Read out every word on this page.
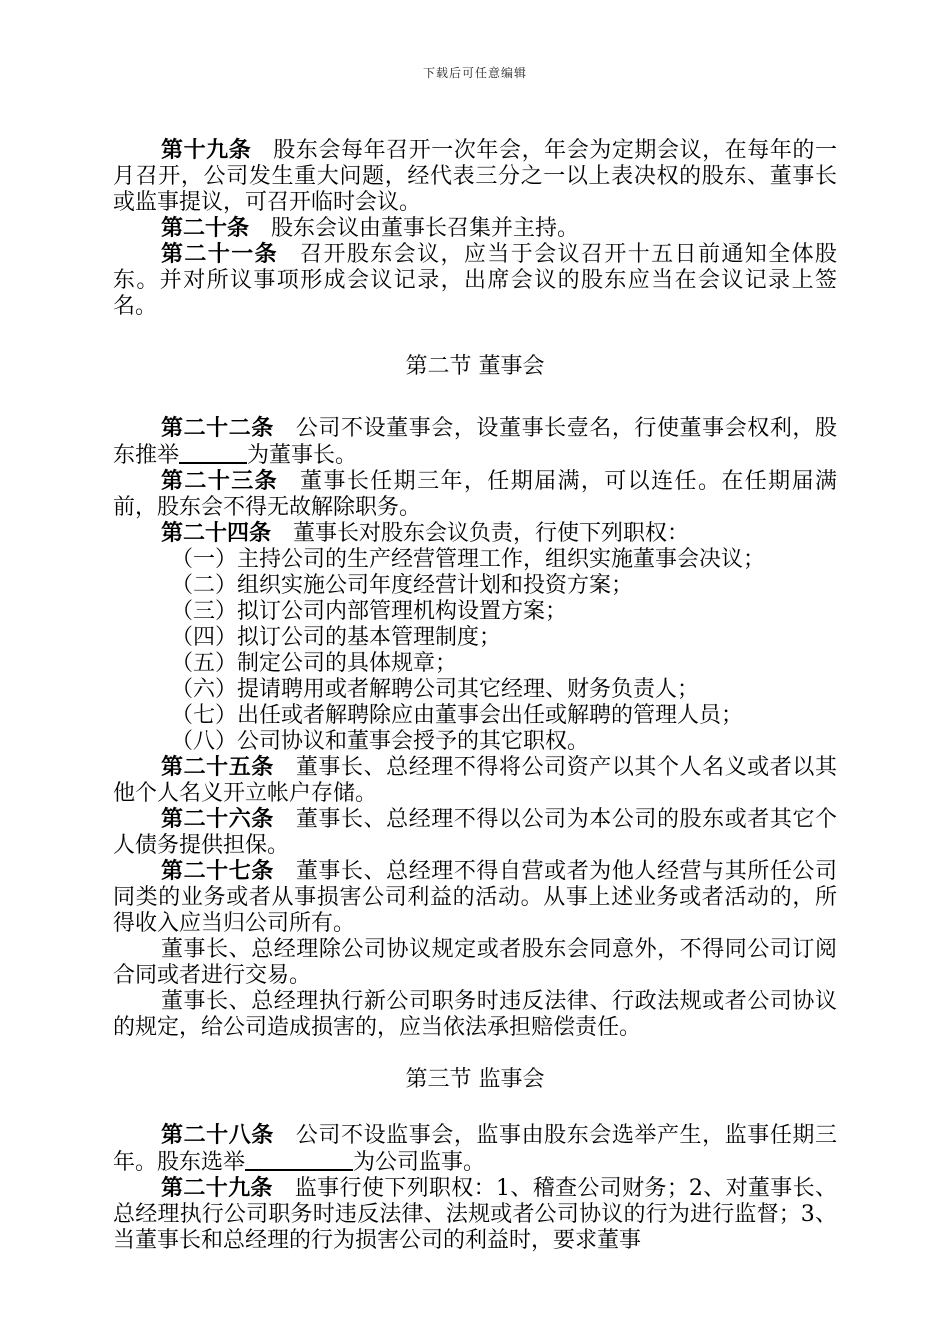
下载后可任意编辑

第十九条 股东会每年召开一次年会，年会为定期会议，在每年的一月召开，公司发生重大问题，经代表三分之一以上表决权的股东、董事长或监事提议，可召开临时会议。

第二十条 股东会议由董事长召集并主持。

第二十一条 召开股东会议，应当于会议召开十五日前通知全体股东。并对所议事项形成会议记录，出席会议的股东应当在会议记录上签名。

第二节 董事会

第二十二条 公司不设董事会，设董事长壹名，行使董事会权利，股东推举	为董事长。

第二十三条 董事长任期三年，任期届满，可以连任。在任期届满前，股东会不得无故解除职务。

第二十四条 董事长对股东会议负责，行使下列职权：

（一）主持公司的生产经营管理工作，组织实施董事会决议；

（二）组织实施公司年度经营计划和投资方案；

（三）拟订公司内部管理机构设置方案；

（四）拟订公司的基本管理制度；

（五）制定公司的具体规章；

（六）提请聘用或者解聘公司其它经理、财务负责人；

（七）出任或者解聘除应由董事会出任或解聘的管理人员；

（八）公司协议和董事会授予的其它职权。

第二十五条 董事长、总经理不得将公司资产以其个人名义或者以其他个人名义开立帐户存储。

第二十六条 董事长、总经理不得以公司为本公司的股东或者其它个人债务提供担保。

第二十七条 董事长、总经理不得自营或者为他人经营与其所任公司同类的业务或者从事损害公司利益的活动。从事上述业务或者活动的，所得收入应当归公司所有。

董事长、总经理除公司协议规定或者股东会同意外，不得同公司订阅合同或者进行交易。

董事长、总经理执行新公司职务时违反法律、行政法规或者公司协议的规定，给公司造成损害的，应当依法承担赔偿责任。

第三节 监事会

第二十八条 公司不设监事会，监事由股东会选举产生，监事任期三年。股东选举	为公司监事。

第二十九条 监事行使下列职权：1、稽查公司财务；2、对董事长、总经理执行公司职务时违反法律、法规或者公司协议的行为进行监督；3、当董事长和总经理的行为损害公司的利益时，要求董事
